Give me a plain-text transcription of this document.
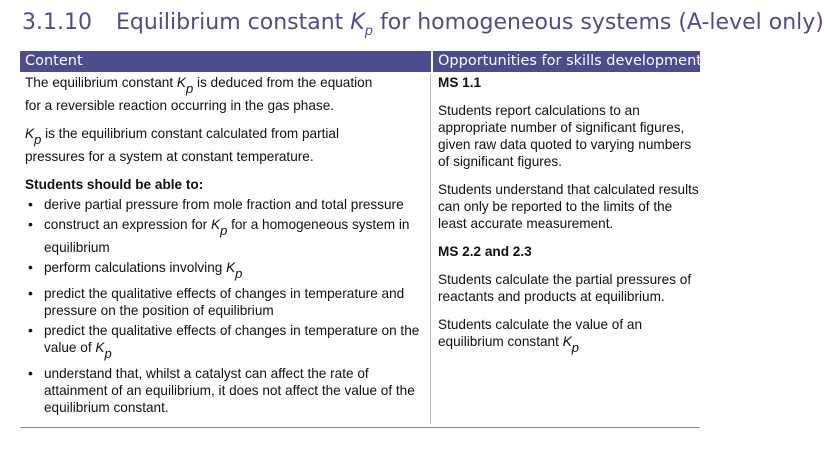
3.1.10 Equilibrium constant $K_p$ for homogeneous systems (A-level only)
Content	Opportunities for skills development

The equilibrium constant Kp is deduced from the equation
for a reversible reaction occurring in the gas phase.

Kp is the equilibrium constant calculated from partial
pressures for a system at constant temperature.

Students should be able to:

• derive partial pressure from mole fraction and total pressure
• construct an expression for Kp for a homogeneous system in equilibrium
• perform calculations involving Kp
• predict the qualitative effects of changes in temperature and pressure on the position of equilibrium
• predict the qualitative effects of changes in temperature on the value of Kp
• understand that, whilst a catalyst can affect the rate of attainment of an equilibrium, it does not affect the value of the equilibrium constant.

MS 1.1

Students report calculations to an appropriate number of significant figures, given raw data quoted to varying numbers of significant figures.

Students understand that calculated results can only be reported to the limits of the least accurate measurement.

MS 2.2 and 2.3

Students calculate the partial pressures of reactants and products at equilibrium.

Students calculate the value of an equilibrium constant Kp
